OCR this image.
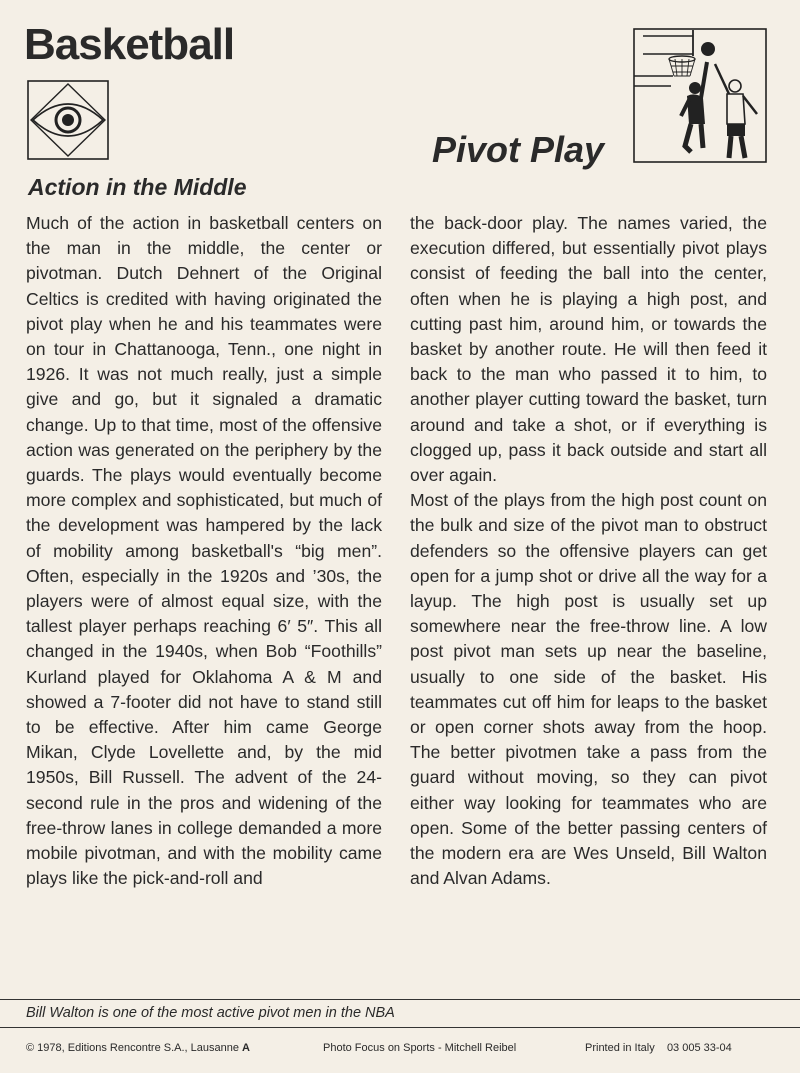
Basketball
Pivot Play
Action in the Middle

Much of the action in basketball centers on the man in the middle, the center or pivotman. Dutch Dehnert of the Original Celtics is credited with having originated the pivot play when he and his teammates were on tour in Chattanooga, Tenn., one night in 1926. It was not much really, just a simple give and go, but it signaled a dramatic change. Up to that time, most of the offensive action was generated on the periphery by the guards. The plays would eventually become more complex and sophisticated, but much of the development was hampered by the lack of mobility among basketball's “big men”. Often, especially in the 1920s and ’30s, the players were of almost equal size, with the tallest player perhaps reaching 6′ 5″. This all changed in the 1940s, when Bob “Foothills” Kurland played for Oklahoma A & M and showed a 7-footer did not have to stand still to be effective. After him came George Mikan, Clyde Lovellette and, by the mid 1950s, Bill Russell. The advent of the 24-second rule in the pros and widening of the free-throw lanes in college demanded a more mobile pivotman, and with the mobility came plays like the pick-and-roll and

the back-door play. The names varied, the execution differed, but essentially pivot plays consist of feeding the ball into the center, often when he is playing a high post, and cutting past him, around him, or towards the basket by another route. He will then feed it back to the man who passed it to him, to another player cutting toward the basket, turn around and take a shot, or if everything is clogged up, pass it back outside and start all over again.

Most of the plays from the high post count on the bulk and size of the pivot man to obstruct defenders so the offensive players can get open for a jump shot or drive all the way for a layup. The high post is usually set up somewhere near the free-throw line. A low post pivot man sets up near the baseline, usually to one side of the basket. His teammates cut off him for leaps to the basket or open corner shots away from the hoop. The better pivotmen take a pass from the guard without moving, so they can pivot either way looking for teammates who are open. Some of the better passing centers of the modern era are Wes Unseld, Bill Walton and Alvan Adams.

Bill Walton is one of the most active pivot men in the NBA

© 1978, Editions Rencontre S.A., Lausanne A	Photo Focus on Sports - Mitchell Reibel	Printed in Italy 03 005 33-04
